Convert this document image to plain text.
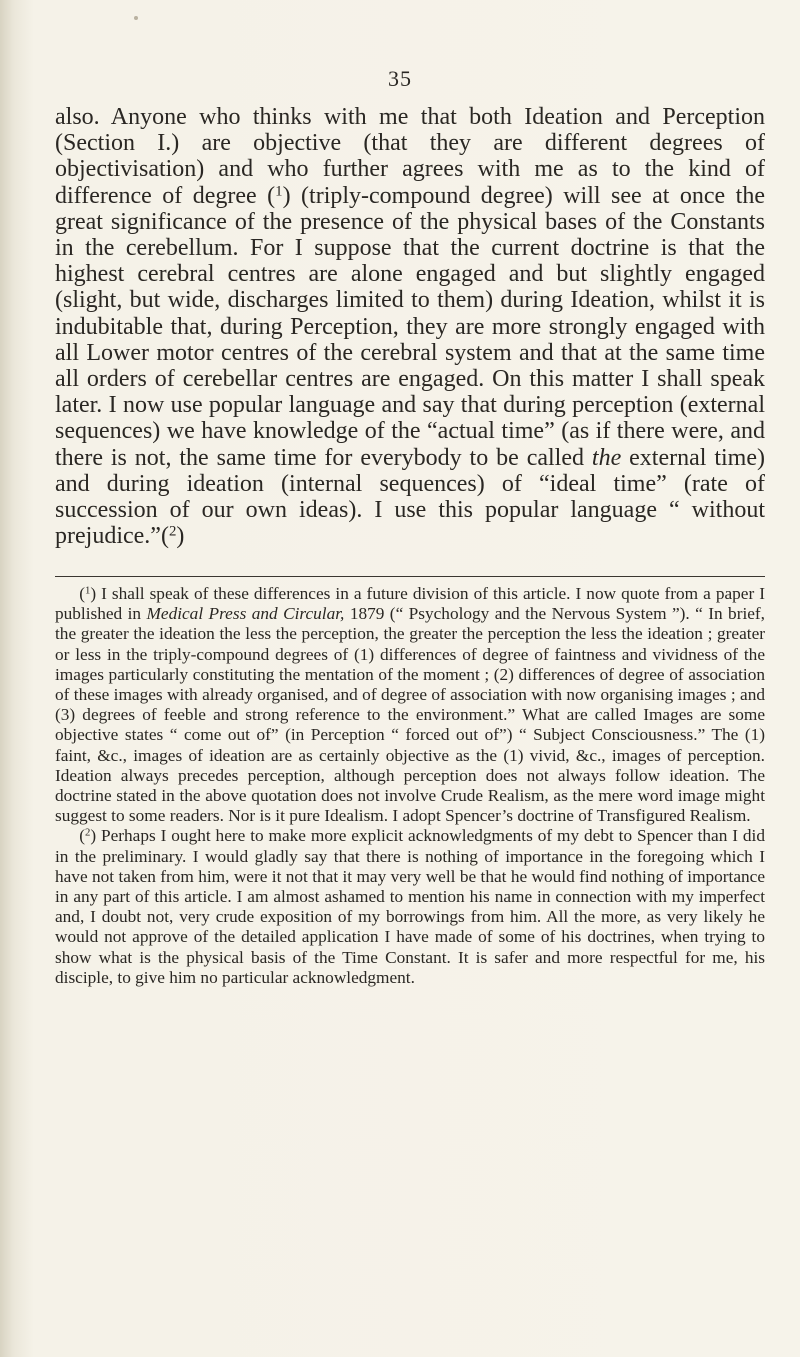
35

also. Anyone who thinks with me that both Ideation and Perception (Section I.) are objective (that they are different degrees of objectivisation) and who further agrees with me as to the kind of difference of degree ($^1$) (triply-compound degree) will see at once the great significance of the presence of the physical bases of the Constants in the cerebellum. For I suppose that the current doctrine is that the highest cerebral centres are alone engaged and but slightly engaged (slight, but wide, discharges limited to them) during Ideation, whilst it is indubitable that, during Perception, they are more strongly engaged with all Lower motor centres of the cerebral system and that at the same time all orders of cerebellar centres are engaged. On this matter I shall speak later. I now use popular language and say that during perception (external sequences) we have knowledge of the “actual time” (as if there were, and there is not, the same time for everybody to be called the external time) and during ideation (internal sequences) of “ideal time” (rate of succession of our own ideas). I use this popular language “ without prejudice.”($^2$)

($^1$) I shall speak of these differences in a future division of this article. I now quote from a paper I published in Medical Press and Circular, 1879 (“ Psychology and the Nervous System ”). “ In brief, the greater the ideation the less the perception, the greater the perception the less the ideation ; greater or less in the triply-compound degrees of (1) differences of degree of faintness and vividness of the images particularly constituting the mentation of the moment ; (2) differences of degree of association of these images with already organised, and of degree of association with now organising images ; and (3) degrees of feeble and strong reference to the environment.” What are called Images are some objective states “ come out of” (in Perception “ forced out of”) “ Subject Consciousness.” The (1) faint, &c., images of ideation are as certainly objective as the (1) vivid, &c., images of perception. Ideation always precedes perception, although perception does not always follow ideation. The doctrine stated in the above quotation does not involve Crude Realism, as the mere word image might suggest to some readers. Nor is it pure Idealism. I adopt Spencer’s doctrine of Transfigured Realism.

($^2$) Perhaps I ought here to make more explicit acknowledgments of my debt to Spencer than I did in the preliminary. I would gladly say that there is nothing of importance in the foregoing which I have not taken from him, were it not that it may very well be that he would find nothing of importance in any part of this article. I am almost ashamed to mention his name in connection with my imperfect and, I doubt not, very crude exposition of my borrowings from him. All the more, as very likely he would not approve of the detailed application I have made of some of his doctrines, when trying to show what is the physical basis of the Time Constant. It is safer and more respectful for me, his disciple, to give him no particular acknowledgment.
